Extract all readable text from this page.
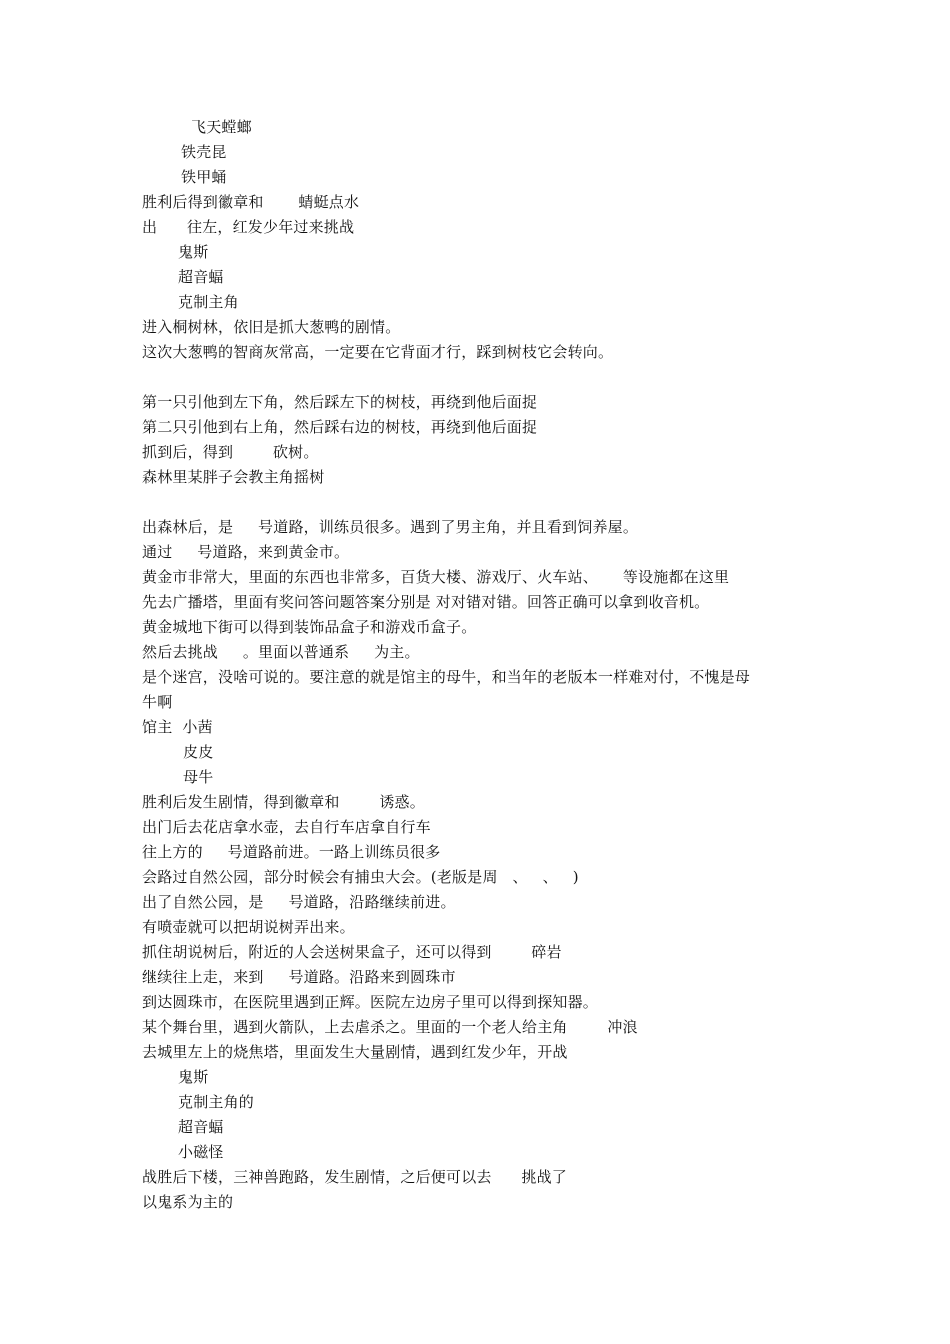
飞天螳螂
铁壳昆
铁甲蛹
胜利后得到徽章和       蜻蜓点水
出      往左，红发少年过来挑战
鬼斯
超音蝠
克制主角
进入桐树林，依旧是抓大葱鸭的剧情。
这次大葱鸭的智商灰常高，一定要在它背面才行，踩到树枝它会转向。
第一只引他到左下角，然后踩左下的树枝，再绕到他后面捉
第二只引他到右上角，然后踩右边的树枝，再绕到他后面捉
抓到后，得到        砍树。
森林里某胖子会教主角摇树
出森林后，是     号道路，训练员很多。遇到了男主角，并且看到饲养屋。
通过     号道路，来到黄金市。
黄金市非常大，里面的东西也非常多，百货大楼、游戏厅、火车站、     等设施都在这里
先去广播塔，里面有奖问答问题答案分别是 对对错对错。回答正确可以拿到收音机。
黄金城地下街可以得到装饰品盒子和游戏币盒子。
然后去挑战     。里面以普通系     为主。
是个迷宫，没啥可说的。要注意的就是馆主的母牛，和当年的老版本一样难对付，不愧是母
牛啊
馆主  小茜
皮皮
母牛
胜利后发生剧情，得到徽章和        诱惑。
出门后去花店拿水壶，去自行车店拿自行车
往上方的     号道路前进。一路上训练员很多
会路过自然公园，部分时候会有捕虫大会。(老版是周   、   、   )
出了自然公园，是     号道路，沿路继续前进。
有喷壶就可以把胡说树弄出来。
抓住胡说树后，附近的人会送树果盒子，还可以得到        碎岩
继续往上走，来到     号道路。沿路来到圆珠市
到达圆珠市，在医院里遇到正辉。医院左边房子里可以得到探知器。
某个舞台里，遇到火箭队，上去虐杀之。里面的一个老人给主角        冲浪
去城里左上的烧焦塔，里面发生大量剧情，遇到红发少年，开战
鬼斯
克制主角的
超音蝠
小磁怪
战胜后下楼，三神兽跑路，发生剧情，之后便可以去      挑战了
以鬼系为主的
